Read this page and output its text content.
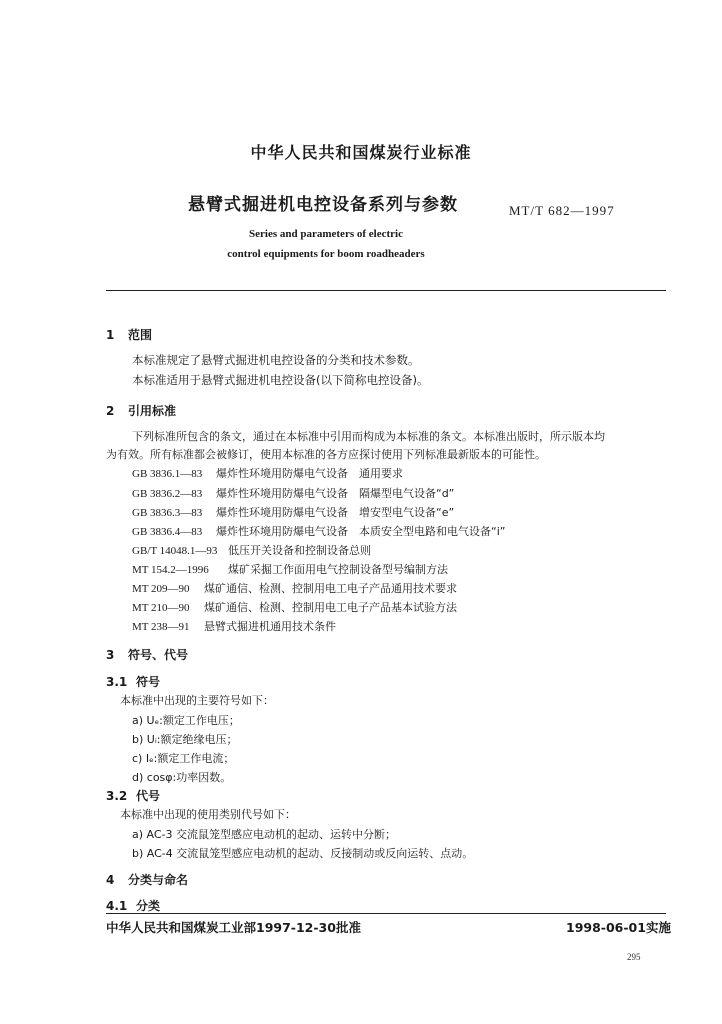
中华人民共和国煤炭行业标准
悬臂式掘进机电控设备系列与参数	MT/T 682—1997
Series and parameters of electric
control equipments for boom roadheaders
1 范围
本标准规定了悬臂式掘进机电控设备的分类和技术参数。
本标准适用于悬臂式掘进机电控设备(以下简称电控设备)。
2 引用标准
下列标准所包含的条文，通过在本标准中引用而构成为本标准的条文。本标准出版时，所示版本均
为有效。所有标准都会被修订，使用本标准的各方应探讨使用下列标准最新版本的可能性。
GB 3836.1—83 爆炸性环境用防爆电气设备　通用要求
GB 3836.2—83 爆炸性环境用防爆电气设备　隔爆型电气设备“d”
GB 3836.3—83 爆炸性环境用防爆电气设备　增安型电气设备“e”
GB 3836.4—83 爆炸性环境用防爆电气设备　本质安全型电路和电气设备“i”
GB/T 14048.1—93 低压开关设备和控制设备总则
MT 154.2—1996 煤矿采掘工作面用电气控制设备型号编制方法
MT 209—90 煤矿通信、检测、控制用电工电子产品通用技术要求
MT 210—90 煤矿通信、检测、控制用电工电子产品基本试验方法
MT 238—91 悬臂式掘进机通用技术条件
3 符号、代号
3.1 符号
本标准中出现的主要符号如下：
a) Uₑ:额定工作电压；
b) Uᵢ:额定绝缘电压；
c) Iₑ:额定工作电流；
d) cosφ:功率因数。
3.2 代号
本标准中出现的使用类别代号如下：
a) AC-3 交流鼠笼型感应电动机的起动、运转中分断；
b) AC-4 交流鼠笼型感应电动机的起动、反接制动或反向运转、点动。
4 分类与命名
4.1 分类
中华人民共和国煤炭工业部1997-12-30批准	1998-06-01实施
295
